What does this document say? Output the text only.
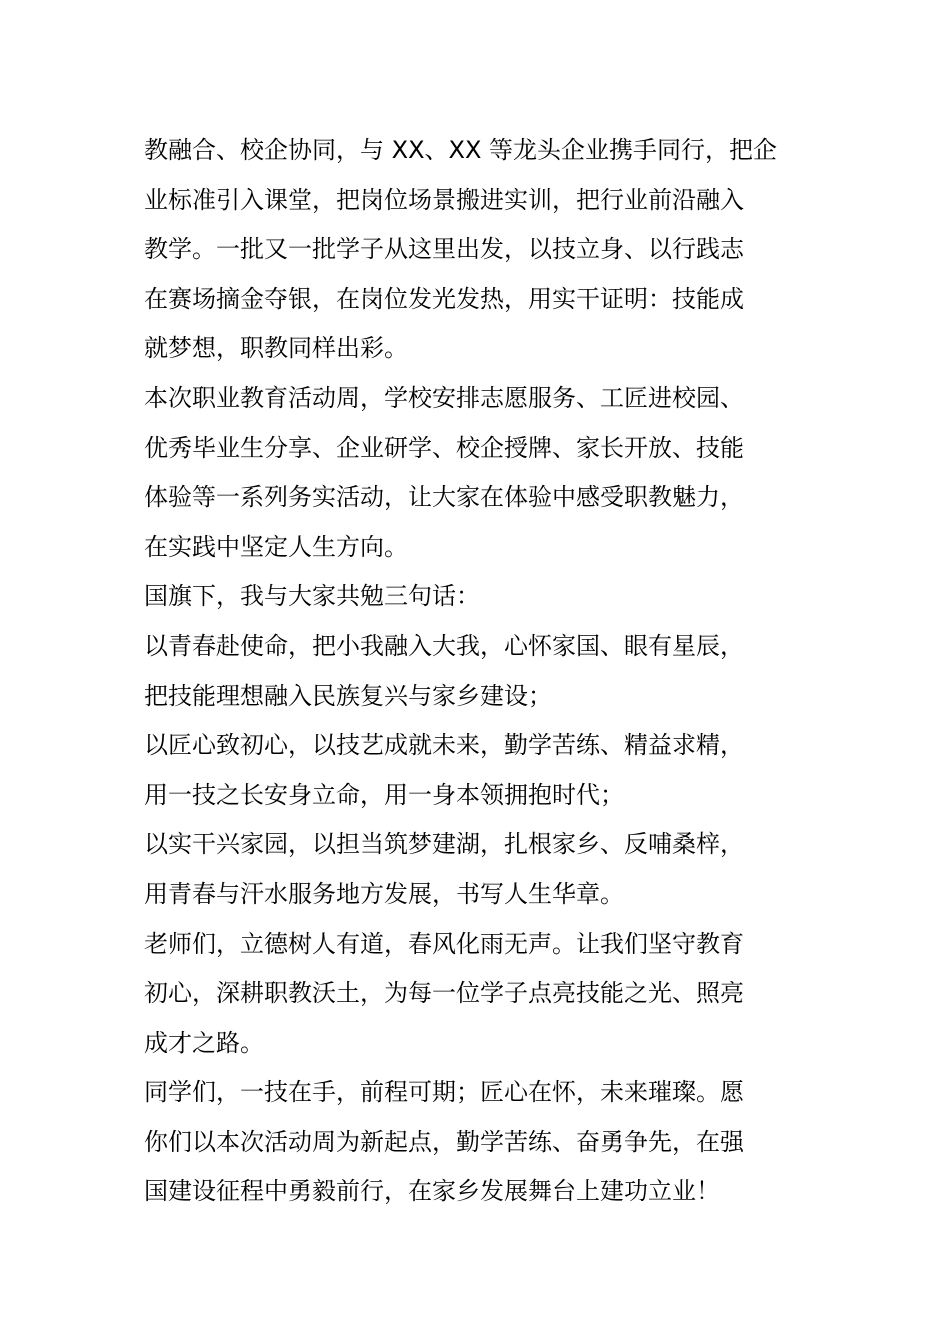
教融合、校企协同，与 XX、XX 等龙头企业携手同行，把企
业标准引入课堂，把岗位场景搬进实训，把行业前沿融入
教学。一批又一批学子从这里出发，以技立身、以行践志
在赛场摘金夺银，在岗位发光发热，用实干证明：技能成
就梦想，职教同样出彩。
本次职业教育活动周，学校安排志愿服务、工匠进校园、
优秀毕业生分享、企业研学、校企授牌、家长开放、技能
体验等一系列务实活动，让大家在体验中感受职教魅力，
在实践中坚定人生方向。
国旗下，我与大家共勉三句话：
以青春赴使命，把小我融入大我，心怀家国、眼有星辰，
把技能理想融入民族复兴与家乡建设；
以匠心致初心，以技艺成就未来，勤学苦练、精益求精，
用一技之长安身立命，用一身本领拥抱时代；
以实干兴家园，以担当筑梦建湖，扎根家乡、反哺桑梓，
用青春与汗水服务地方发展，书写人生华章。
老师们，立德树人有道，春风化雨无声。让我们坚守教育
初心，深耕职教沃土，为每一位学子点亮技能之光、照亮
成才之路。
同学们，一技在手，前程可期；匠心在怀，未来璀璨。愿
你们以本次活动周为新起点，勤学苦练、奋勇争先，在强
国建设征程中勇毅前行，在家乡发展舞台上建功立业！
